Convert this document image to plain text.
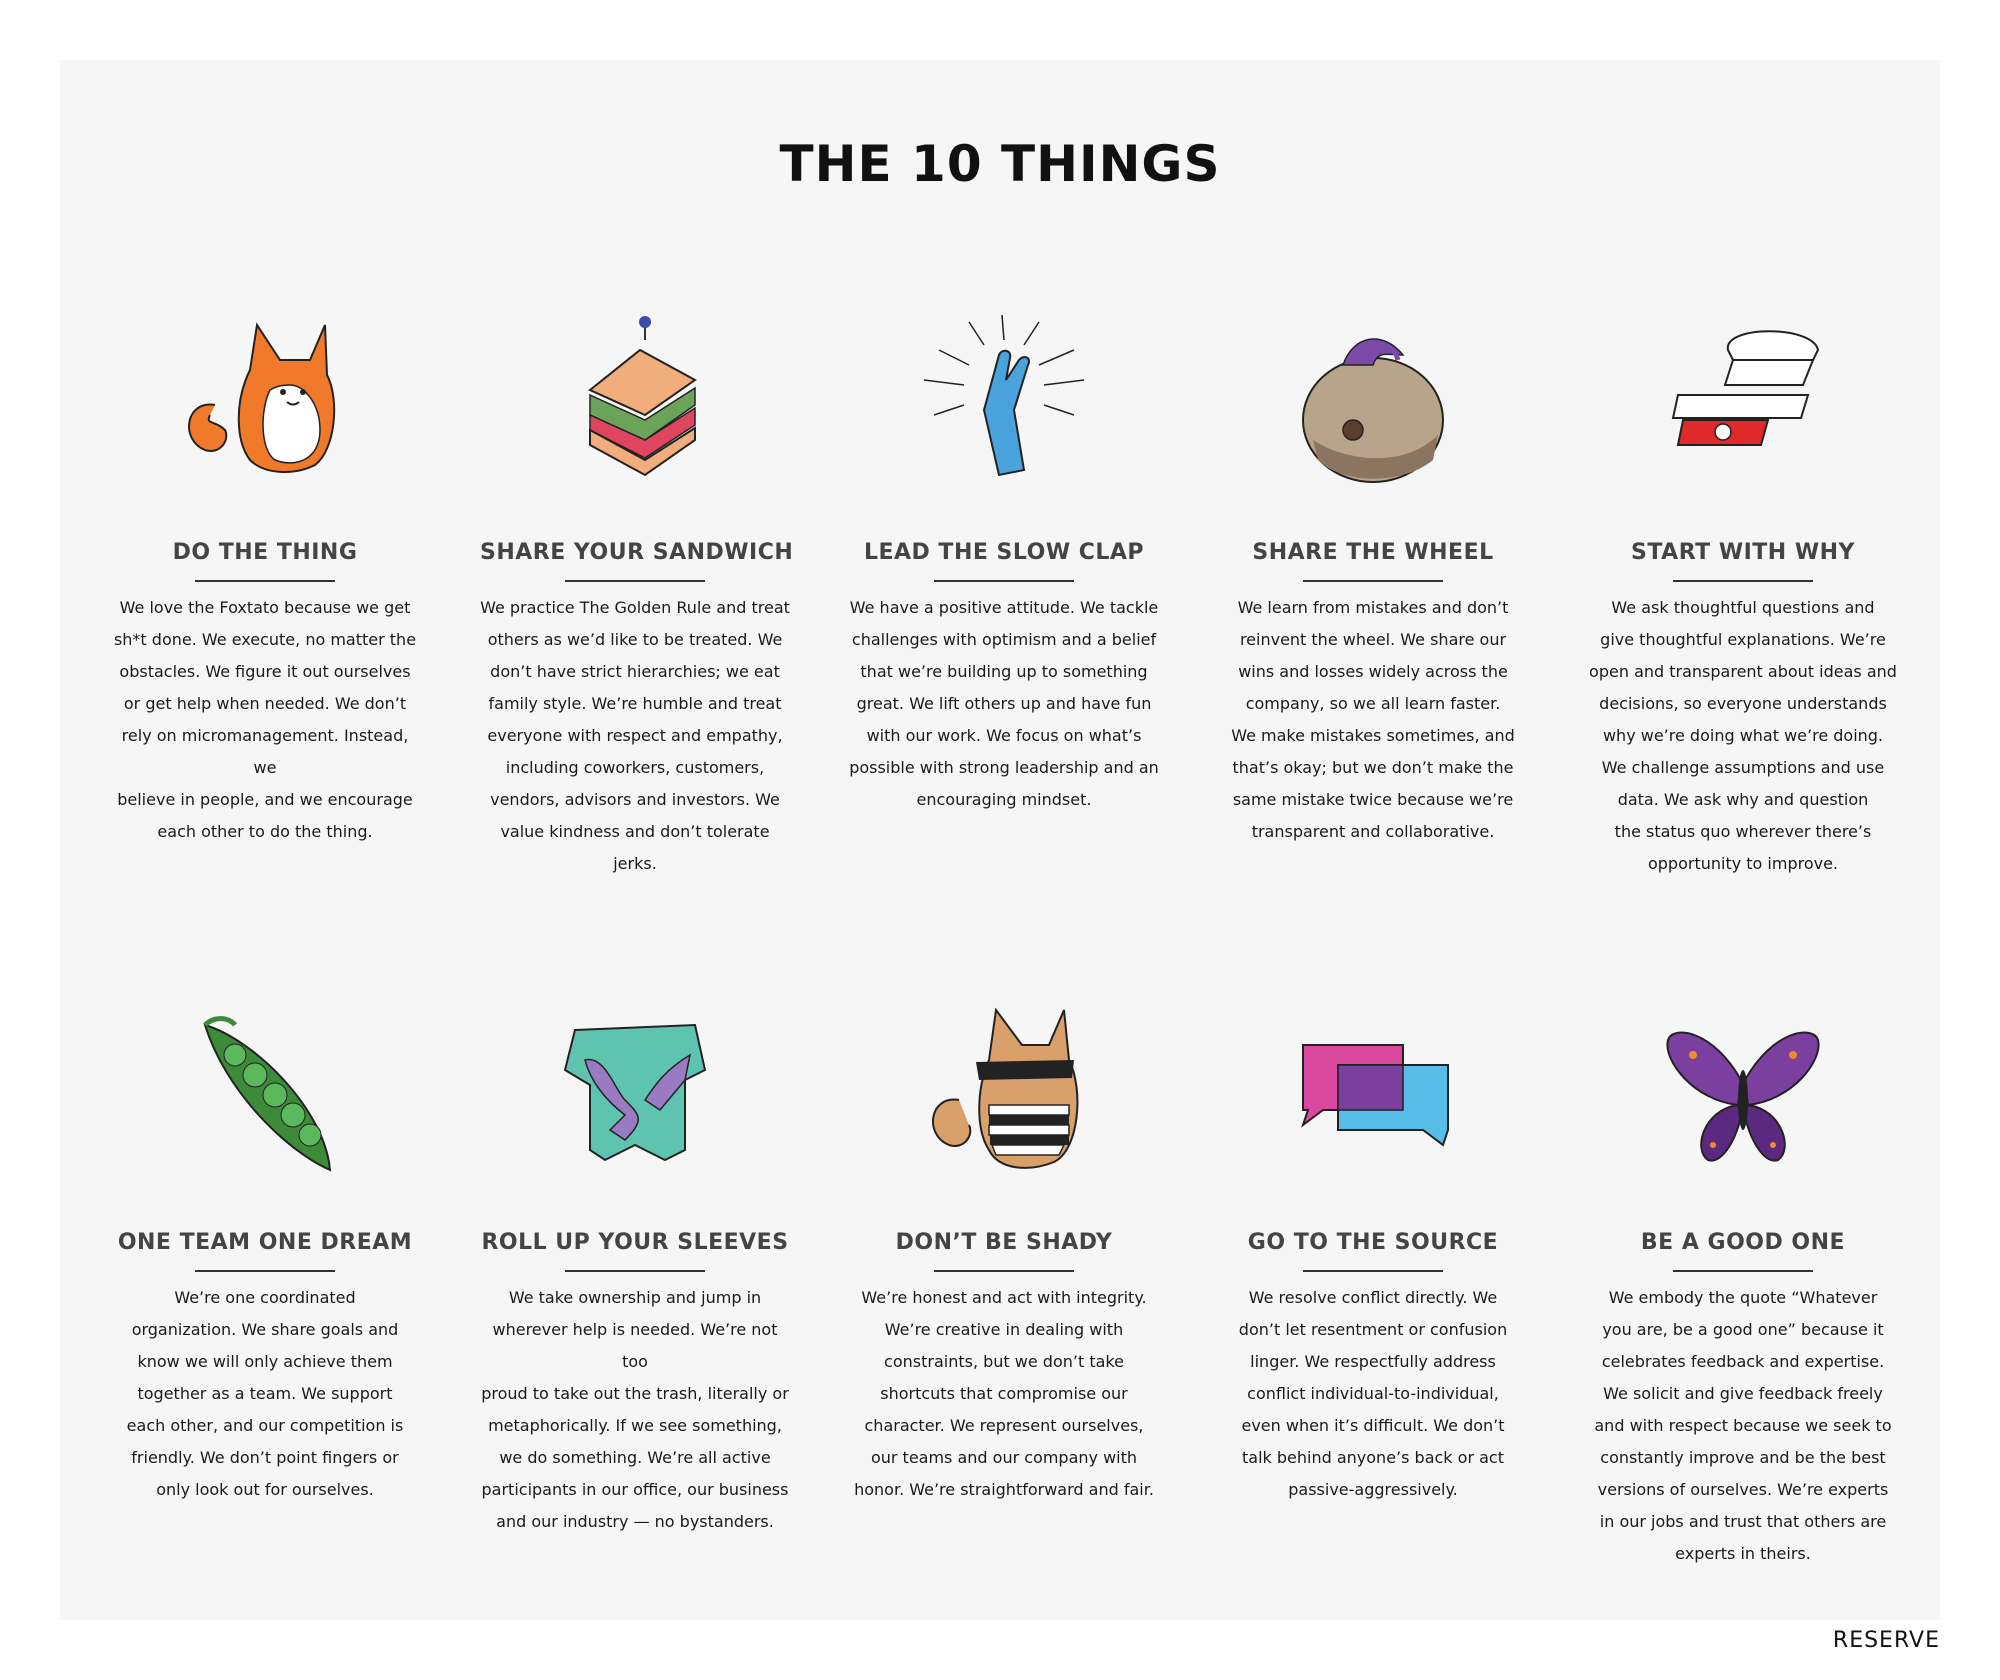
THE 10 THINGS
DO THE THING
We love the Foxtato because we get
sh*t done. We execute, no matter the
obstacles. We figure it out ourselves
or get help when needed. We don’t
rely on micromanagement. Instead, we
believe in people, and we encourage
each other to do the thing.
SHARE YOUR SANDWICH
We practice The Golden Rule and treat
others as we’d like to be treated. We
don’t have strict hierarchies; we eat
family style. We’re humble and treat
everyone with respect and empathy,
including coworkers, customers,
vendors, advisors and investors. We
value kindness and don’t tolerate jerks.
LEAD THE SLOW CLAP
We have a positive attitude. We tackle
challenges with optimism and a belief
that we’re building up to something
great. We lift others up and have fun
with our work. We focus on what’s
possible with strong leadership and an
encouraging mindset.
SHARE THE WHEEL
We learn from mistakes and don’t
reinvent the wheel. We share our
wins and losses widely across the
company, so we all learn faster.
We make mistakes sometimes, and
that’s okay; but we don’t make the
same mistake twice because we’re
transparent and collaborative.
START WITH WHY
We ask thoughtful questions and
give thoughtful explanations. We’re
open and transparent about ideas and
decisions, so everyone understands
why we’re doing what we’re doing.
We challenge assumptions and use
data. We ask why and question
the status quo wherever there’s
opportunity to improve.
ONE TEAM ONE DREAM
We’re one coordinated
organization. We share goals and
know we will only achieve them
together as a team. We support
each other, and our competition is
friendly. We don’t point fingers or
only look out for ourselves.
ROLL UP YOUR SLEEVES
We take ownership and jump in
wherever help is needed. We’re not too
proud to take out the trash, literally or
metaphorically. If we see something,
we do something. We’re all active
participants in our office, our business
and our industry — no bystanders.
DON’T BE SHADY
We’re honest and act with integrity.
We’re creative in dealing with
constraints, but we don’t take
shortcuts that compromise our
character. We represent ourselves,
our teams and our company with
honor. We’re straightforward and fair.
GO TO THE SOURCE
We resolve conflict directly. We
don’t let resentment or confusion
linger. We respectfully address
conflict individual-to-individual,
even when it’s difficult. We don’t
talk behind anyone’s back or act
passive-aggressively.
BE A GOOD ONE
We embody the quote “Whatever
you are, be a good one” because it
celebrates feedback and expertise.
We solicit and give feedback freely
and with respect because we seek to
constantly improve and be the best
versions of ourselves. We’re experts
in our jobs and trust that others are
experts in theirs.
RESERVE
